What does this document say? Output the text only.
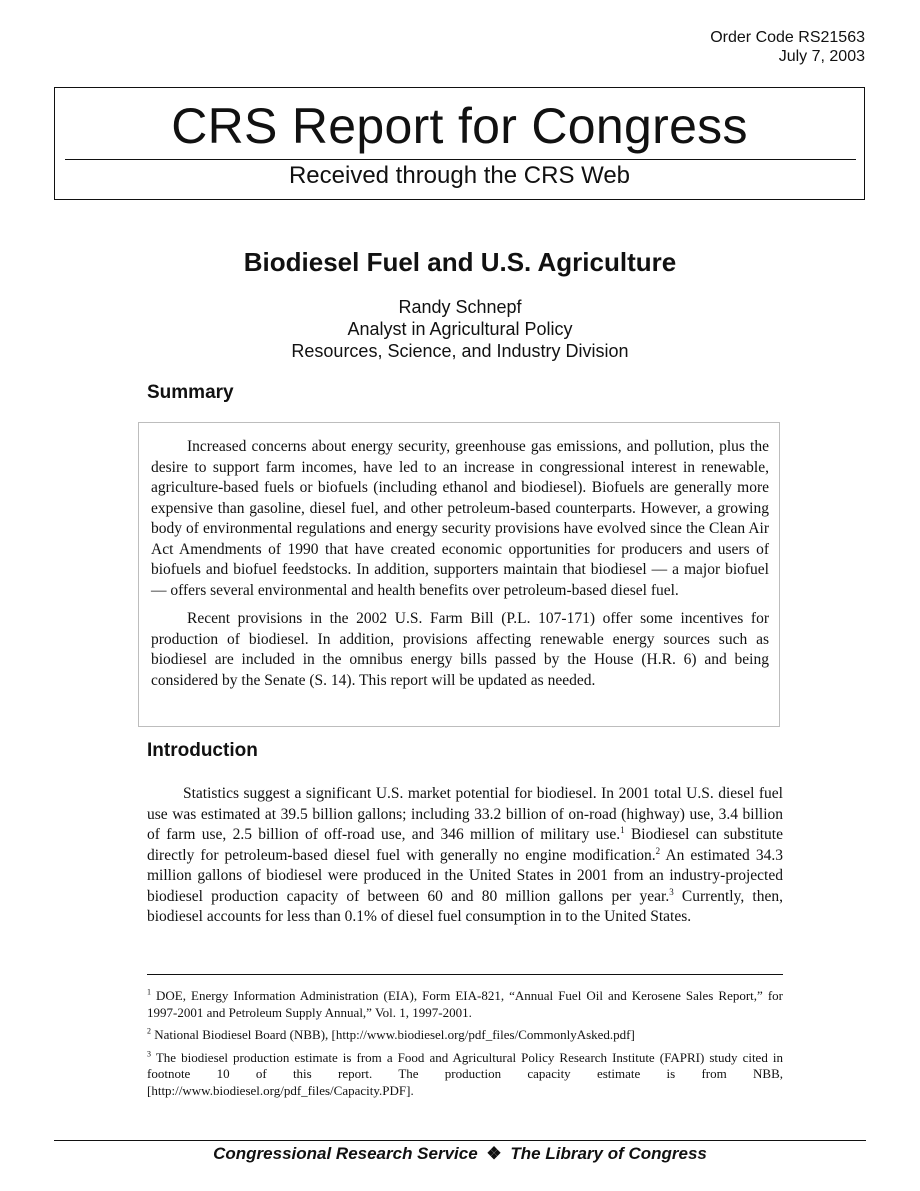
Order Code RS21563
July 7, 2003
CRS Report for Congress
Received through the CRS Web
Biodiesel Fuel and U.S. Agriculture
Randy Schnepf
Analyst in Agricultural Policy
Resources, Science, and Industry Division
Summary

Increased concerns about energy security, greenhouse gas emissions, and pollution, plus the desire to support farm incomes, have led to an increase in congressional interest in renewable, agriculture-based fuels or biofuels (including ethanol and biodiesel). Biofuels are generally more expensive than gasoline, diesel fuel, and other petroleum-based counterparts. However, a growing body of environmental regulations and energy security provisions have evolved since the Clean Air Act Amendments of 1990 that have created economic opportunities for producers and users of biofuels and biofuel feedstocks. In addition, supporters maintain that biodiesel — a major biofuel — offers several environmental and health benefits over petroleum-based diesel fuel.

Recent provisions in the 2002 U.S. Farm Bill (P.L. 107-171) offer some incentives for production of biodiesel. In addition, provisions affecting renewable energy sources such as biodiesel are included in the omnibus energy bills passed by the House (H.R. 6) and being considered by the Senate (S. 14). This report will be updated as needed.

Introduction

Statistics suggest a significant U.S. market potential for biodiesel. In 2001 total U.S. diesel fuel use was estimated at 39.5 billion gallons; including 33.2 billion of on-road (highway) use, 3.4 billion of farm use, 2.5 billion of off-road use, and 346 million of military use.$^1$ Biodiesel can substitute directly for petroleum-based diesel fuel with generally no engine modification.$^2$ An estimated 34.3 million gallons of biodiesel were produced in the United States in 2001 from an industry-projected biodiesel production capacity of between 60 and 80 million gallons per year.$^3$ Currently, then, biodiesel accounts for less than 0.1% of diesel fuel consumption in to the United States.

$^1$ DOE, Energy Information Administration (EIA), Form EIA-821, “Annual Fuel Oil and Kerosene Sales Report,” for 1997-2001 and Petroleum Supply Annual,” Vol. 1, 1997-2001.

$^2$ National Biodiesel Board (NBB), [http://www.biodiesel.org/pdf_files/CommonlyAsked.pdf]

$^3$ The biodiesel production estimate is from a Food and Agricultural Policy Research Institute (FAPRI) study cited in footnote 10 of this report. The production capacity estimate is from NBB, [http://www.biodiesel.org/pdf_files/Capacity.PDF].

Congressional Research Service ❖ The Library of Congress
